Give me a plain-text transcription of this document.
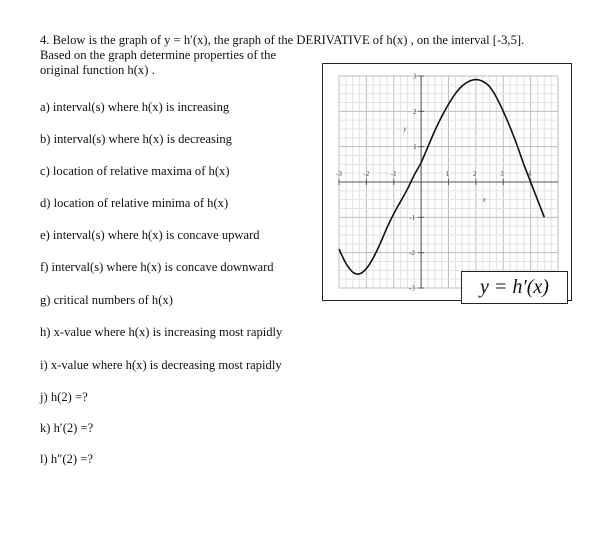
4. Below is the graph of y = h′(x), the graph of the DERIVATIVE of h(x) , on the interval [-3,5].
Based on the graph determine properties of the
original function h(x) .
a) interval(s) where h(x) is increasing
b) interval(s) where h(x) is decreasing
c) location of relative maxima of h(x)
d) location of relative minima of h(x)
e) interval(s) where h(x) is concave upward
f) interval(s) where h(x) is concave downward
g) critical numbers of h(x)
h) x-value where h(x) is increasing most rapidly
i) x-value where h(x) is decreasing most rapidly
j) h(2) =?
k) h′(2) =?
l) h″(2) =?
-3	-2	-1	1	2	3	4
3
2
1
-1
-2
-3
x
y
y = h′(x)
